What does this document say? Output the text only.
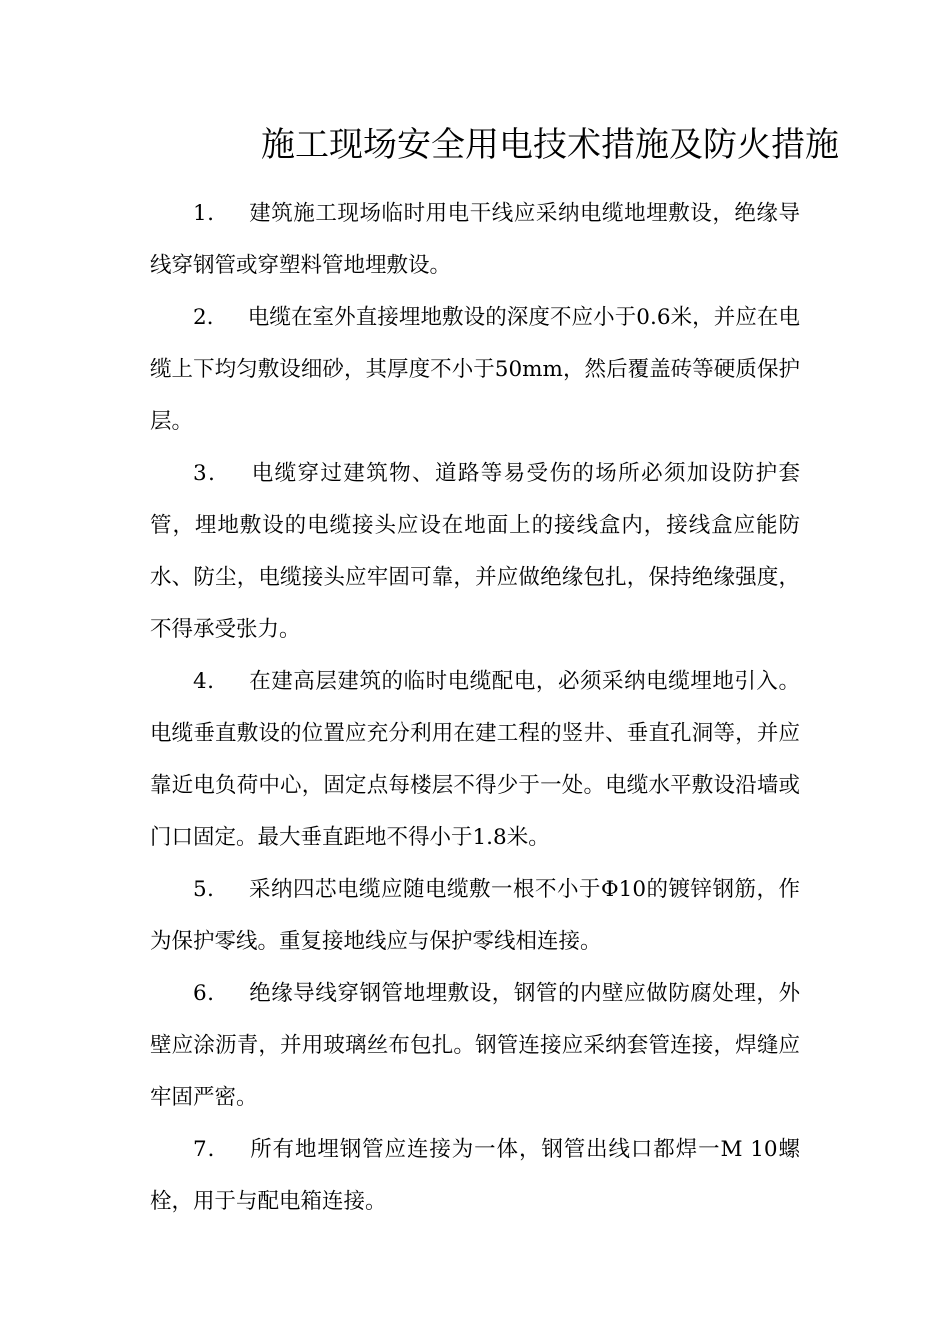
施工现场安全用电技术措施及防火措施

1． 建筑施工现场临时用电干线应采纳电缆地埋敷设，绝缘导线穿钢管或穿塑料管地埋敷设。

2． 电缆在室外直接埋地敷设的深度不应小于0.6米，并应在电缆上下均匀敷设细砂，其厚度不小于50mm，然后覆盖砖等硬质保护层。

3． 电缆穿过建筑物、道路等易受伤的场所必须加设防护套管，埋地敷设的电缆接头应设在地面上的接线盒内，接线盒应能防水、防尘，电缆接头应牢固可靠，并应做绝缘包扎，保持绝缘强度，不得承受张力。

4． 在建高层建筑的临时电缆配电，必须采纳电缆埋地引入。电缆垂直敷设的位置应充分利用在建工程的竖井、垂直孔洞等，并应靠近电负荷中心，固定点每楼层不得少于一处。电缆水平敷设沿墙或门口固定。最大垂直距地不得小于1.8米。

5． 采纳四芯电缆应随电缆敷一根不小于Φ10的镀锌钢筋，作为保护零线。重复接地线应与保护零线相连接。

6． 绝缘导线穿钢管地埋敷设，钢管的内壁应做防腐处理，外壁应涂沥青，并用玻璃丝布包扎。钢管连接应采纳套管连接，焊缝应牢固严密。

7． 所有地埋钢管应连接为一体，钢管出线口都焊一M 10螺栓，用于与配电箱连接。
